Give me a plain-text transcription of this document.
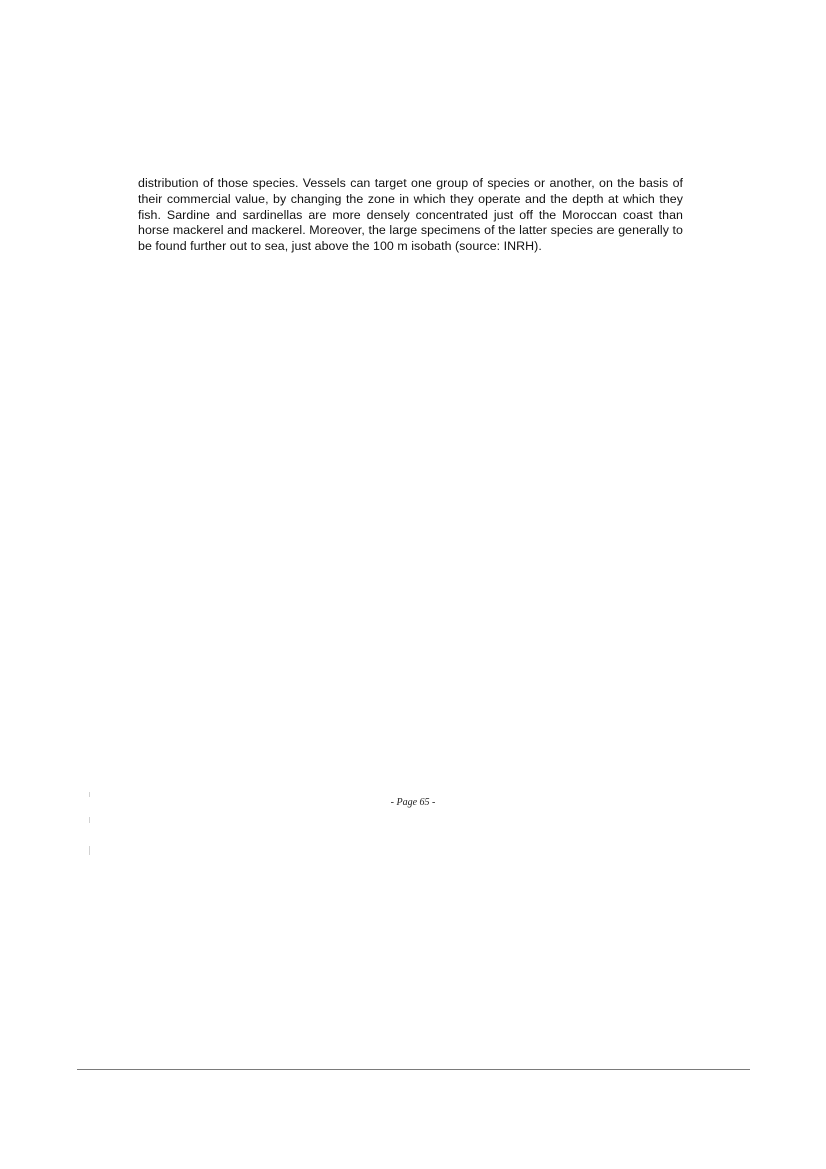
distribution of those species. Vessels can target one group of species or another, on the basis of their commercial value, by changing the zone in which they operate and the depth at which they fish. Sardine and sardinellas are more densely concentrated just off the Moroccan coast than horse mackerel and mackerel. Moreover, the large specimens of the latter species are generally to be found further out to sea, just above the 100 m isobath (source: INRH).

- Page 65 -
